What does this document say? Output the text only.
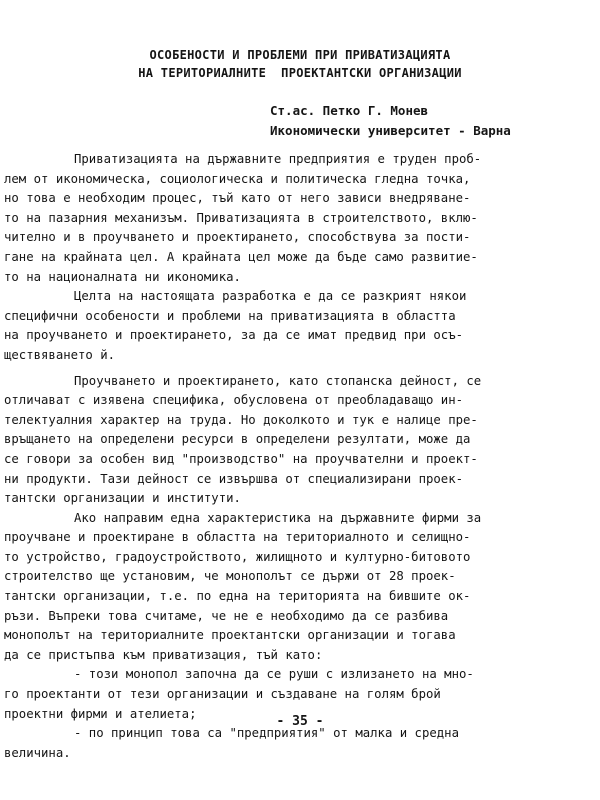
ОСОБЕНОСТИ И ПРОБЛЕМИ ПРИ ПРИВАТИЗАЦИЯТА
НА ТЕРИТОРИАЛНИТЕ  ПРОЕКТАНТСКИ ОРГАНИЗАЦИИ
Ст.ас. Петко Г. Монев
Икономически университет - Варна
Приватизацията на държавните предприятия е труден проб-
лем от икономическа, социологическа и политическа гледна точка,
но това е необходим процес, тъй като от него зависи внедряване-
то на пазарния механизъм. Приватизацията в строителството, вклю-
чително и в проучването и проектирането, способствува за пости-
гане на крайната цел. А крайната цел може да бъде само развитие-
то на националната ни икономика.
Целта на настоящата разработка е да се разкрият някои
специфични особености и проблеми на приватизацията в областта
на проучването и проектирането, за да се имат предвид при осъ-
ществяването й.
Проучването и проектирането, като стопанска дейност, се
отличават с изявена специфика, обусловена от преобладаващо ин-
телектуалния характер на труда. Но доколкото и тук е налице пре-
връщането на определени ресурси в определени резултати, може да
се говори за особен вид "производство" на проучвателни и проект-
ни продукти. Тази дейност се извършва от специализирани проек-
тантски организации и институти.
Ако направим една характеристика на държавните фирми за
проучване и проектиране в областта на териториалното и селищно-
то устройство, градоустройството, жилищното и културно-битовото
строителство ще установим, че монополът се държи от 28 проек-
тантски организации, т.е. по една на територията на бившите ок-
ръзи. Въпреки това считаме, че не е необходимо да се разбива
монополът на териториалните проектантски организации и тогава
да се пристъпва към приватизация, тъй като:
- този монопол започна да се руши с излизането на мно-
го проектанти от тези организации и създаване на голям брой
проектни фирми и ателиета;
- по принцип това са "предприятия" от малка и средна
величина.
- 35 -
